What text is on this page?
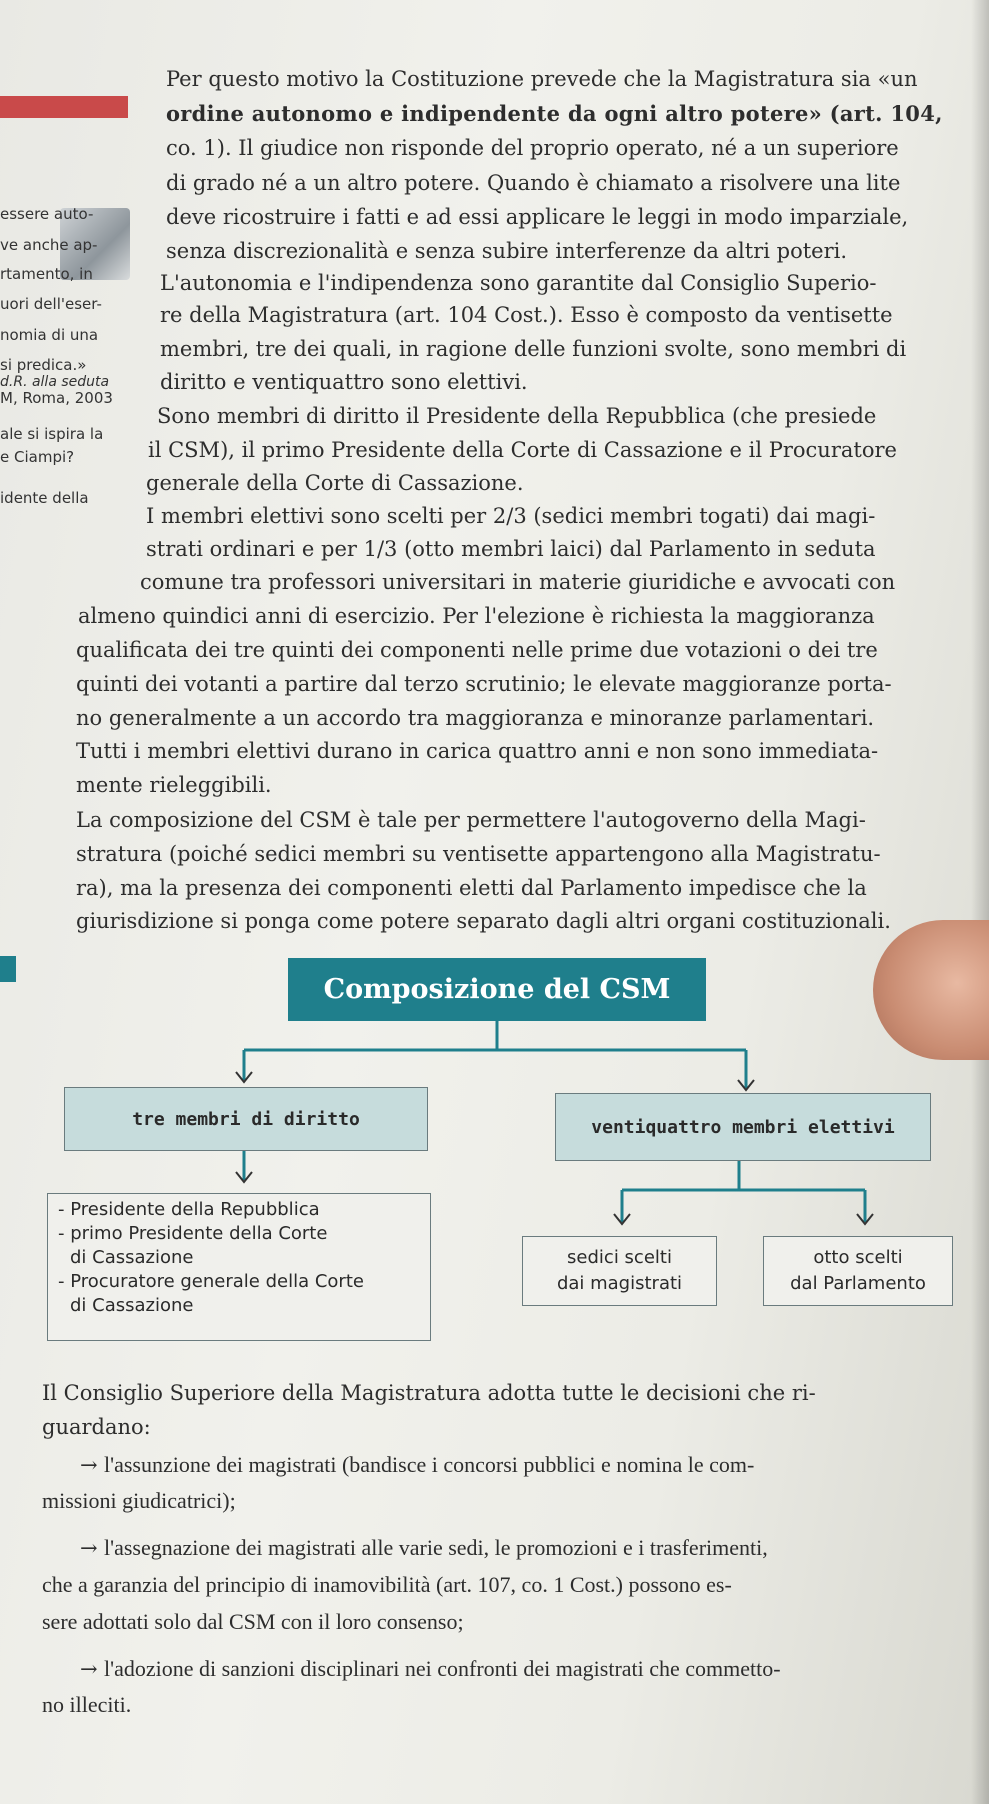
essere auto-
ve anche ap-
rtamento, in
uori dell'eser-
nomia di una
si predica.»
d.R. alla seduta
M, Roma, 2003
ale si ispira la
e Ciampi?
idente della
Per questo motivo la Costituzione prevede che la Magistratura sia «un
ordine autonomo e indipendente da ogni altro potere» (art. 104,
co. 1). Il giudice non risponde del proprio operato, né a un superiore
di grado né a un altro potere. Quando è chiamato a risolvere una lite
deve ricostruire i fatti e ad essi applicare le leggi in modo imparziale,
senza discrezionalità e senza subire interferenze da altri poteri.
L'autonomia e l'indipendenza sono garantite dal Consiglio Superio-
re della Magistratura (art. 104 Cost.). Esso è composto da ventisette
membri, tre dei quali, in ragione delle funzioni svolte, sono membri di
diritto e ventiquattro sono elettivi.
Sono membri di diritto il Presidente della Repubblica (che presiede
il CSM), il primo Presidente della Corte di Cassazione e il Procuratore
generale della Corte di Cassazione.
I membri elettivi sono scelti per 2/3 (sedici membri togati) dai magi-
strati ordinari e per 1/3 (otto membri laici) dal Parlamento in seduta
comune tra professori universitari in materie giuridiche e avvocati con
almeno quindici anni di esercizio. Per l'elezione è richiesta la maggioranza
qualificata dei tre quinti dei componenti nelle prime due votazioni o dei tre
quinti dei votanti a partire dal terzo scrutinio; le elevate maggioranze porta-
no generalmente a un accordo tra maggioranza e minoranze parlamentari.
Tutti i membri elettivi durano in carica quattro anni e non sono immediata-
mente rieleggibili.
La composizione del CSM è tale per permettere l'autogoverno della Magi-
stratura (poiché sedici membri su ventisette appartengono alla Magistratu-
ra), ma la presenza dei componenti eletti dal Parlamento impedisce che la
giurisdizione si ponga come potere separato dagli altri organi costituzionali.
Composizione del CSM
tre membri di diritto	ventiquattro membri elettivi
- Presidente della Repubblica
- primo Presidente della Corte
di Cassazione
- Procuratore generale della Corte
di Cassazione
sedici scelti
dai magistrati
otto scelti
dal Parlamento
Il Consiglio Superiore della Magistratura adotta tutte le decisioni che ri-
guardano:
→ l'assunzione dei magistrati (bandisce i concorsi pubblici e nomina le com-
missioni giudicatrici);
→ l'assegnazione dei magistrati alle varie sedi, le promozioni e i trasferimenti,
che a garanzia del principio di inamovibilità (art. 107, co. 1 Cost.) possono es-
sere adottati solo dal CSM con il loro consenso;
→ l'adozione di sanzioni disciplinari nei confronti dei magistrati che commetto-
no illeciti.
